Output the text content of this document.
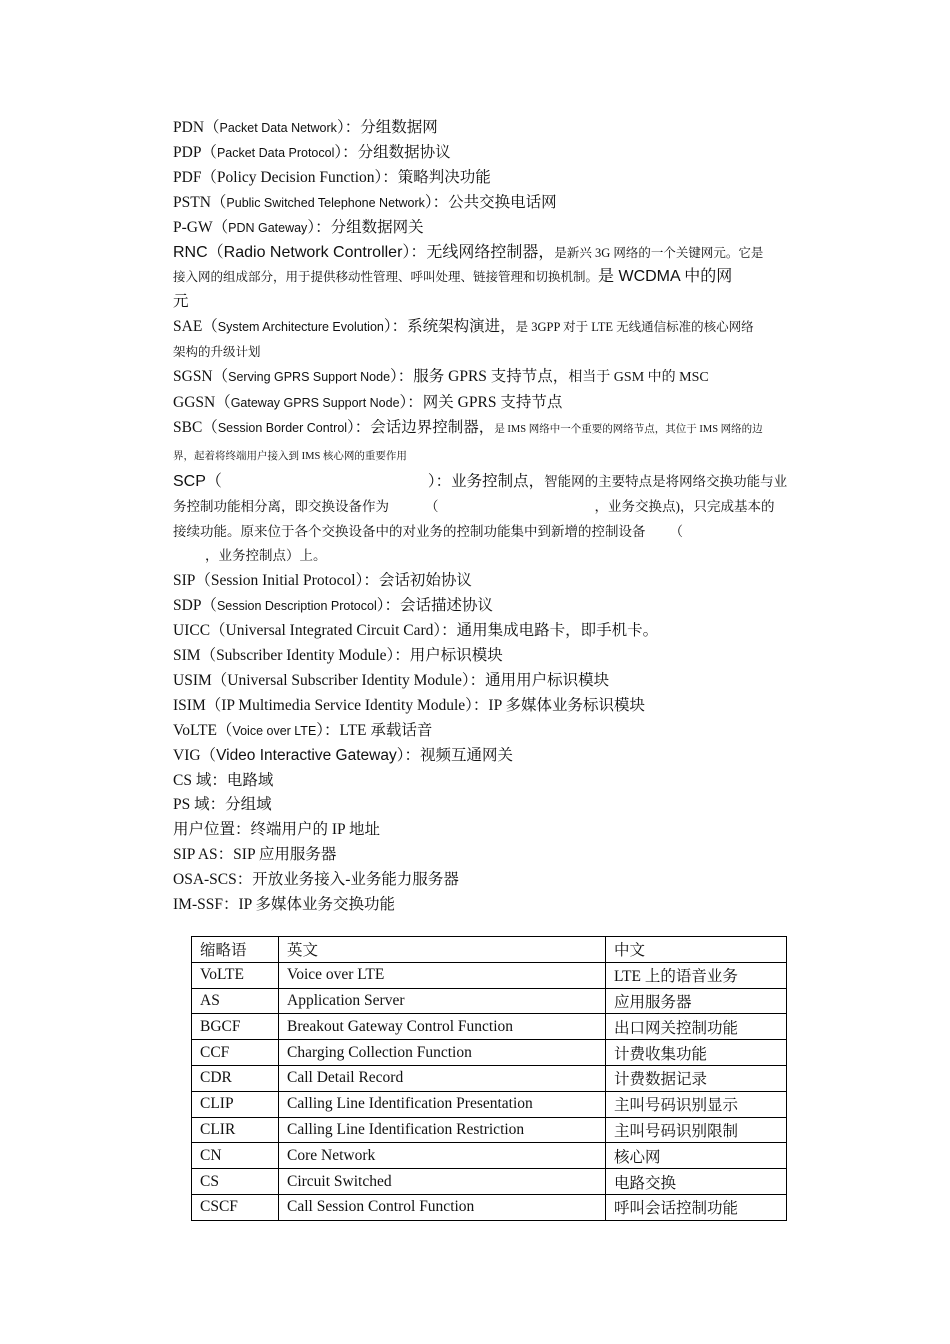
PDN（Packet Data Network）：分组数据网
PDP（Packet Data Protocol）：分组数据协议
PDF（Policy Decision Function）：策略判决功能
PSTN（Public Switched Telephone Network）：公共交换电话网
P-GW（PDN Gateway）：分组数据网关
RNC（Radio Network Controller）：无线网络控制器，是新兴 3G 网络的一个关键网元。它是
接入网的组成部分，用于提供移动性管理、呼叫处理、链接管理和切换机制。是 WCDMA 中的网
元
SAE（System Architecture Evolution）：系统架构演进，是 3GPP 对于 LTE 无线通信标准的核心网络
架构的升级计划
SGSN（Serving GPRS Support Node）：服务 GPRS 支持节点，相当于 GSM 中的 MSC
GGSN（Gateway GPRS Support Node）：网关 GPRS 支持节点
SBC（Session Border Control）：会话边界控制器，是 IMS 网络中一个重要的网络节点，其位于 IMS 网络的边
界，起着将终端用户接入到 IMS 核心网的重要作用
SCP（	）：业务控制点，智能网的主要特点是将网络交换功能与业
务控制功能相分离，即交换设备作为	（	，业务交换点)，只完成基本的
接续功能。原来位于各个交换设备中的对业务的控制功能集中到新增的控制设备 （
，业务控制点）上。
SIP（Session Initial Protocol）：会话初始协议
SDP（Session Description Protocol）：会话描述协议
UICC（Universal Integrated Circuit Card）：通用集成电路卡，即手机卡。
SIM（Subscriber Identity Module）：用户标识模块
USIM（Universal Subscriber Identity Module）：通用用户标识模块
ISIM（IP Multimedia Service Identity Module）：IP 多媒体业务标识模块
VoLTE（Voice over LTE）：LTE 承载话音
VIG（Video Interactive Gateway）：视频互通网关
CS 域：电路域
PS 域：分组域
用户位置：终端用户的 IP 地址
SIP AS：SIP 应用服务器
OSA-SCS：开放业务接入-业务能力服务器
IM-SSF：IP 多媒体业务交换功能
缩略语	英文	中文
VoLTE	Voice over LTE	LTE 上的语音业务
AS	Application Server	应用服务器
BGCF	Breakout Gateway Control Function	出口网关控制功能
CCF	Charging Collection Function	计费收集功能
CDR	Call Detail Record	计费数据记录
CLIP	Calling Line Identification Presentation	主叫号码识别显示
CLIR	Calling Line Identification Restriction	主叫号码识别限制
CN	Core Network	核心网
CS	Circuit Switched	电路交换
CSCF	Call Session Control Function	呼叫会话控制功能
